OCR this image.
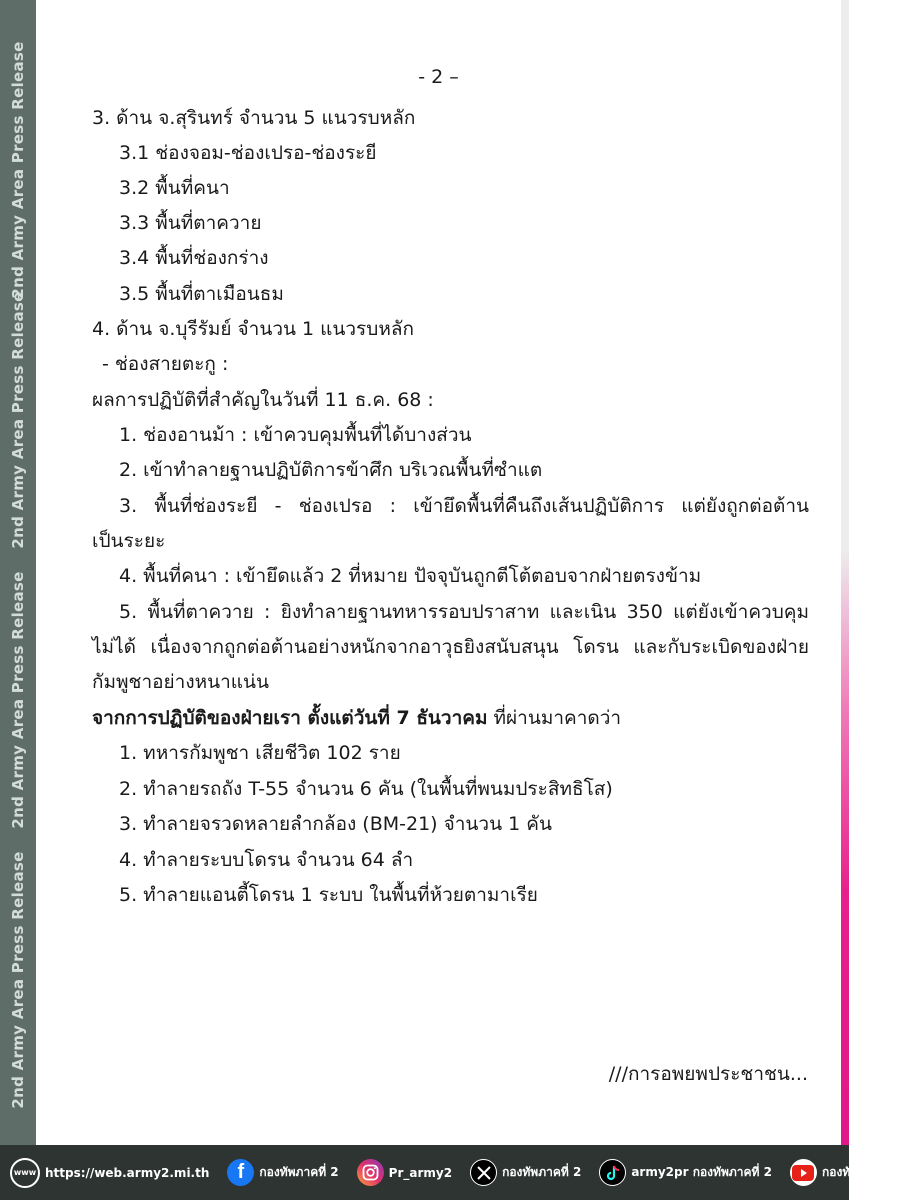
2nd Army Area Press Release
2nd Army Area Press Release
2nd Army Area Press Release
2nd Army Area Press Release
- 2 –
3. ด้าน จ.สุรินทร์ จำนวน 5 แนวรบหลัก
3.1 ช่องจอม-ช่องเปรอ-ช่องระยี
3.2 พื้นที่คนา
3.3 พื้นที่ตาควาย
3.4 พื้นที่ช่องกร่าง
3.5 พื้นที่ตาเมือนธม
4. ด้าน จ.บุรีรัมย์ จำนวน 1 แนวรบหลัก
- ช่องสายตะกู :
ผลการปฏิบัติที่สำคัญในวันที่ 11 ธ.ค. 68 :
1. ช่องอานม้า : เข้าควบคุมพื้นที่ได้บางส่วน
2. เข้าทำลายฐานปฏิบัติการข้าศึก บริเวณพื้นที่ซำแต
3. พื้นที่ช่องระยี - ช่องเปรอ : เข้ายึดพื้นที่คืนถึงเส้นปฏิบัติการ แต่ยังถูกต่อต้าน
เป็นระยะ
4. พื้นที่คนา : เข้ายึดแล้ว 2 ที่หมาย ปัจจุบันถูกตีโต้ตอบจากฝ่ายตรงข้าม
5. พื้นที่ตาควาย : ยิงทำลายฐานทหารรอบปราสาท และเนิน 350 แต่ยังเข้าควบคุม
ไม่ได้ เนื่องจากถูกต่อต้านอย่างหนักจากอาวุธยิงสนับสนุน โดรน และกับระเบิดของฝ่าย
กัมพูชาอย่างหนาแน่น
จากการปฏิบัติของฝ่ายเรา ตั้งแต่วันที่ 7 ธันวาคม ที่ผ่านมาคาดว่า
1. ทหารกัมพูชา เสียชีวิต 102 ราย
2. ทำลายรถถัง T-55 จำนวน 6 คัน (ในพื้นที่พนมประสิทธิโส)
3. ทำลายจรวดหลายลำกล้อง (BM-21) จำนวน 1 คัน
4. ทำลายระบบโดรน จำนวน 64 ลำ
5. ทำลายแอนตี้โดรน 1 ระบบ ในพื้นที่ห้วยตามาเรีย
///การอพยพประชาชน...
www https://web.army2.mi.th	f	กองทัพภาคที่ 2	Pr_army2	กองทัพภาคที่ 2	army2pr กองทัพภาคที่ 2	กองทัพภาคที่ 2
